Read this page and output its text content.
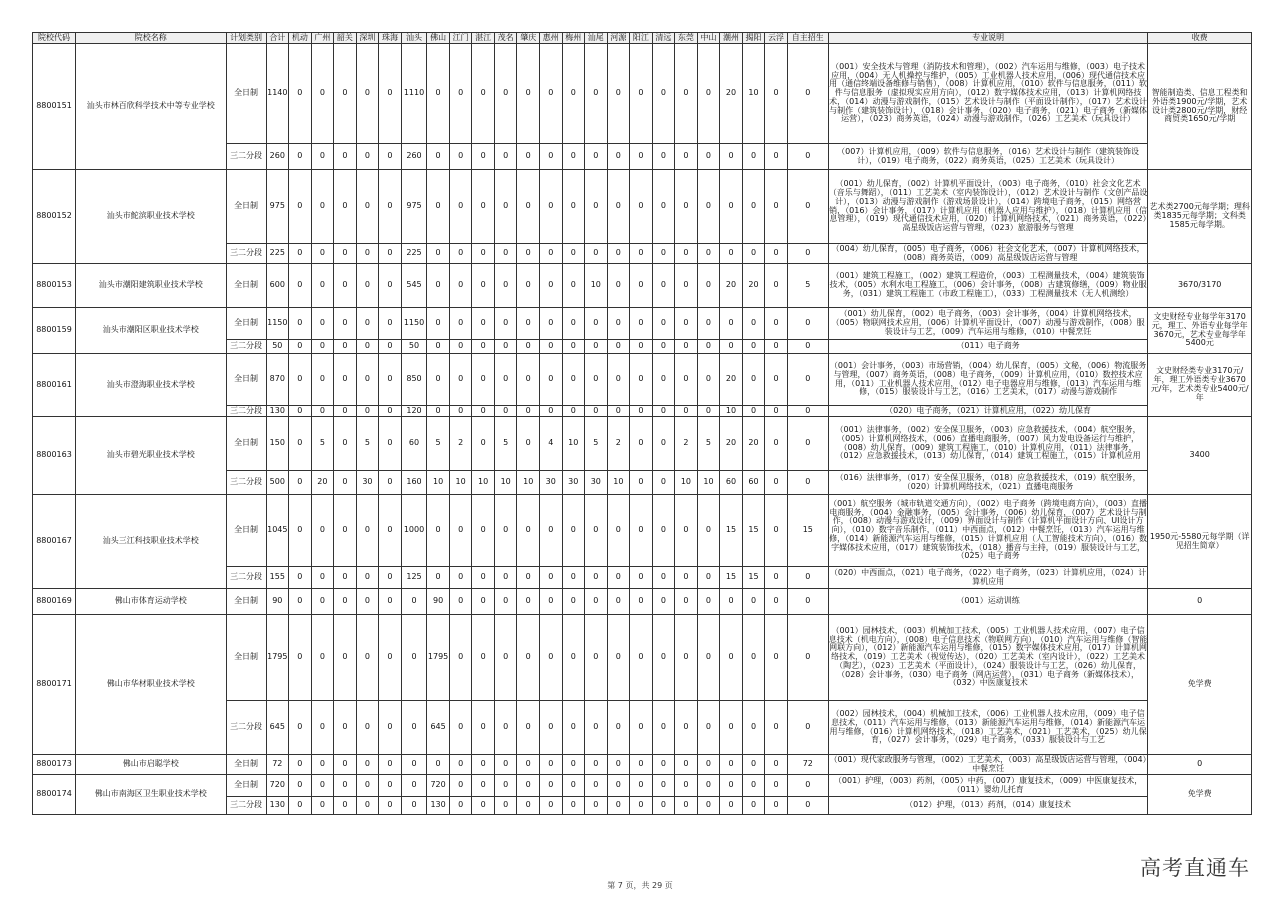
院校代码	院校名称	计划类别	合计	机动	广州	韶关	深圳	珠海	汕头	佛山	江门	湛江	茂名	肇庆	惠州	梅州	汕尾	河源	阳江	清远	东莞	中山	潮州	揭阳	云浮	自主招生	专业说明	收费
8800151	汕头市林百欣科学技术中等专业学校	全日制	1140	0	0	0	0	0	1110	0	0	0	0	0	0	0	0	0	0	0	0	0	20	10	0	0	（001）安全技术与管理（消防技术和管理），（002）汽车运用与维修，（003）电子技术应用，（004）无人机操控与维护，（005）工业机器人技术应用，（006）现代通信技术应用（通信终端设备维修与销售），（008）计算机应用，（010）软件与信息服务，（011）软件与信息服务（虚拟现实应用方向），（012）数字媒体技术应用，（013）计算机网络技术，（014）动漫与游戏制作，（015）艺术设计与制作（平面设计制作），（017）艺术设计与制作（建筑装饰设计），（018）会计事务，（020）电子商务，（021）电子商务（新媒体运营），（023）商务英语，（024）动漫与游戏制作，（026）工艺美术（玩具设计）	智能制造类、信息工程类和外语类1900元/学期，艺术设计类2800元/学期，财经商贸类1650元/学期
		三二分段	260	0	0	0	0	0	260	0	0	0	0	0	0	0	0	0	0	0	0	0	0	0	0	0	（007）计算机应用，（009）软件与信息服务，（016）艺术设计与制作（建筑装饰设计），（019）电子商务，（022）商务英语，（025）工艺美术（玩具设计）	
8800152	汕头市鮀滨职业技术学校	全日制	975	0	0	0	0	0	975	0	0	0	0	0	0	0	0	0	0	0	0	0	0	0	0	0	（001）幼儿保育，（002）计算机平面设计，（003）电子商务，（010）社会文化艺术（音乐与舞蹈），（011）工艺美术（室内装饰设计），（012）艺术设计与制作（文创产品设计），（013）动漫与游戏制作（游戏场景设计），（014）跨境电子商务，（015）网络营销，（016）会计事务，（017）计算机应用（机器人应用与维护），（018）计算机应用（信息管理），（019）现代通信技术应用，（020）计算机网络技术，（021）商务英语，（022）高星级饭店运营与管理，（023）旅游服务与管理	艺术类2700元每学期；理科类1835元每学期；文科类1585元每学期。
		三二分段	225	0	0	0	0	0	225	0	0	0	0	0	0	0	0	0	0	0	0	0	0	0	0	0	（004）幼儿保育，（005）电子商务，（006）社会文化艺术，（007）计算机网络技术，（008）商务英语，（009）高星级饭店运营与管理	
8800153	汕头市潮阳建筑职业技术学校	全日制	600	0	0	0	0	0	545	0	0	0	0	0	0	0	10	0	0	0	0	0	20	20	0	5	（001）建筑工程施工，（002）建筑工程造价，（003）工程测量技术，（004）建筑装饰技术，（005）水利水电工程施工，（006）会计事务，（008）古建筑修缮，（009）物业服务，（031）建筑工程施工（市政工程施工），（033）工程测量技术（无人机测绘）	3670/3170
8800159	汕头市潮阳区职业技术学校	全日制	1150	0	0	0	0	0	1150	0	0	0	0	0	0	0	0	0	0	0	0	0	0	0	0	0	（001）幼儿保育，（002）电子商务，（003）会计事务，（004）计算机网络技术，（005）物联网技术应用，（006）计算机平面设计，（007）动漫与游戏制作，（008）服装设计与工艺，（009）汽车运用与维修，（010）中餐烹饪	文史财经专业每学年3170元，理工、外语专业每学年3670元，艺术专业每学年5400元
		三二分段	50	0	0	0	0	0	50	0	0	0	0	0	0	0	0	0	0	0	0	0	0	0	0	0	（011）电子商务	
8800161	汕头市澄海职业技术学校	全日制	870	0	0	0	0	0	850	0	0	0	0	0	0	0	0	0	0	0	0	0	20	0	0	0	（001）会计事务，（003）市场营销，（004）幼儿保育，（005）文秘，（006）物流服务与管理，（007）商务英语，（008）电子商务，（009）计算机应用，（010）数控技术应用，（011）工业机器人技术应用，（012）电子电器应用与维修，（013）汽车运用与维修，（015）服装设计与工艺，（016）工艺美术，（017）动漫与游戏制作	文史财经类专业3170元/年，理工外语类专业3670元/年，艺术类专业5400元/年
		三二分段	130	0	0	0	0	0	120	0	0	0	0	0	0	0	0	0	0	0	0	0	10	0	0	0	（020）电子商务，（021）计算机应用，（022）幼儿保育	
8800163	汕头市碧光职业技术学校	全日制	150	0	5	0	5	0	60	5	2	0	5	0	4	10	5	2	0	0	2	5	20	20	0	0	（001）法律事务，（002）安全保卫服务，（003）应急救援技术，（004）航空服务，（005）计算机网络技术，（006）直播电商服务，（007）风力发电设备运行与维护，（008）幼儿保育，（009）建筑工程施工，（010）计算机应用，（011）法律事务，（012）应急救援技术，（013）幼儿保育，（014）建筑工程施工，（015）计算机应用	3400
		三二分段	500	0	20	0	30	0	160	10	10	10	10	10	30	30	30	10	0	0	10	10	60	60	0	0	（016）法律事务，（017）安全保卫服务，（018）应急救援技术，（019）航空服务，（020）计算机网络技术，（021）直播电商服务	
8800167	汕头三江科技职业技术学校	全日制	1045	0	0	0	0	0	1000	0	0	0	0	0	0	0	0	0	0	0	0	0	15	15	0	15	（001）航空服务（城市轨道交通方向），（002）电子商务（跨境电商方向），（003）直播电商服务，（004）金融事务，（005）会计事务，（006）幼儿保育，（007）艺术设计与制作，（008）动漫与游戏设计，（009）界面设计与制作（计算机平面设计方向、UI设计方向），（010）数字音乐制作，（011）中西面点，（012）中餐烹饪，（013）汽车运用与维修，（014）新能源汽车运用与维修，（015）计算机应用（人工智能技术方向），（016）数字媒体技术应用，（017）建筑装饰技术，（018）播音与主持，（019）服装设计与工艺，（025）电子商务	1950元-5580元每学期（详见招生简章）
		三二分段	155	0	0	0	0	0	125	0	0	0	0	0	0	0	0	0	0	0	0	0	15	15	0	0	（020）中西面点，（021）电子商务，（022）电子商务，（023）计算机应用，（024）计算机应用	
8800169	佛山市体育运动学校	全日制	90	0	0	0	0	0	0	90	0	0	0	0	0	0	0	0	0	0	0	0	0	0	0	0	（001）运动训练	0
8800171	佛山市华材职业技术学校	全日制	1795	0	0	0	0	0	0	1795	0	0	0	0	0	0	0	0	0	0	0	0	0	0	0	0	（001）园林技术，（003）机械加工技术，（005）工业机器人技术应用，（007）电子信息技术（机电方向），（008）电子信息技术（物联网方向），（010）汽车运用与维修（智能网联方向），（012）新能源汽车运用与维修，（015）数字媒体技术应用，（017）计算机网络技术，（019）工艺美术（视觉传达），（020）工艺美术（室内设计），（022）工艺美术（陶艺），（023）工艺美术（平面设计），（024）服装设计与工艺，（026）幼儿保育，（028）会计事务，（030）电子商务（网店运营），（031）电子商务（新媒体技术），（032）中医康复技术	免学费
		三二分段	645	0	0	0	0	0	0	645	0	0	0	0	0	0	0	0	0	0	0	0	0	0	0	0	（002）园林技术，（004）机械加工技术，（006）工业机器人技术应用，（009）电子信息技术，（011）汽车运用与维修，（013）新能源汽车运用与维修，（014）新能源汽车运用与维修，（016）计算机网络技术，（018）工艺美术，（021）工艺美术，（025）幼儿保育，（027）会计事务，（029）电子商务，（033）服装设计与工艺	
8800173	佛山市启聪学校	全日制	72	0	0	0	0	0	0	0	0	0	0	0	0	0	0	0	0	0	0	0	0	0	0	72	（001）现代家政服务与管理，（002）工艺美术，（003）高星级饭店运营与管理，（004）中餐烹饪	0
8800174	佛山市南海区卫生职业技术学校	全日制	720	0	0	0	0	0	0	720	0	0	0	0	0	0	0	0	0	0	0	0	0	0	0	0	（001）护理，（003）药剂，（005）中药，（007）康复技术，（009）中医康复技术，（011）婴幼儿托育	免学费
		三二分段	130	0	0	0	0	0	0	130	0	0	0	0	0	0	0	0	0	0	0	0	0	0	0	0	（012）护理，（013）药剂，（014）康复技术	
第 7 页，共 29 页
高考直通车
